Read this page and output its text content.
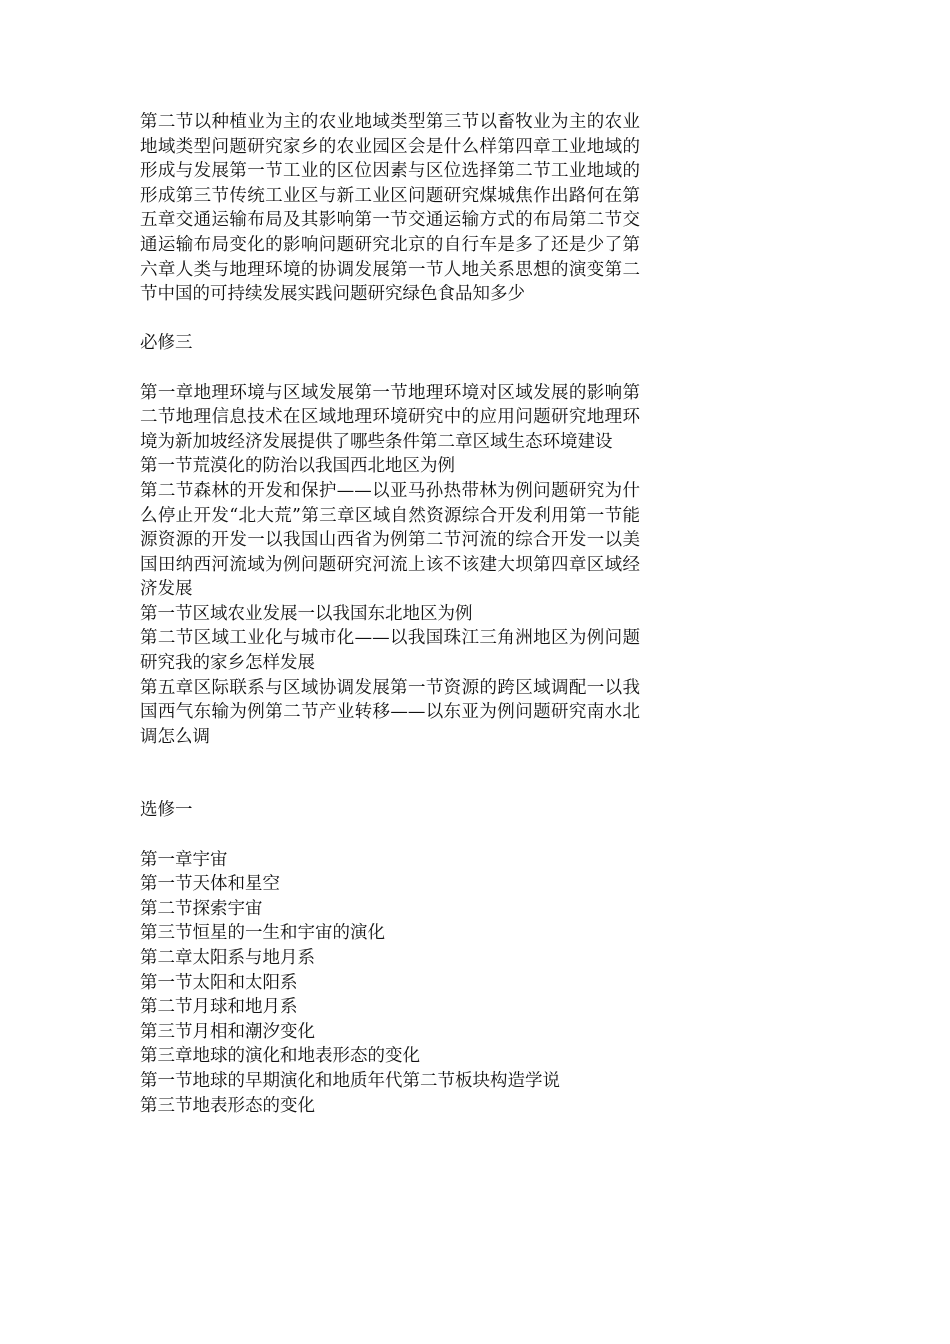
第二节以种植业为主的农业地域类型第三节以畜牧业为主的农业地域类型问题研究家乡的农业园区会是什么样第四章工业地域的形成与发展第一节工业的区位因素与区位选择第二节工业地域的形成第三节传统工业区与新工业区问题研究煤城焦作出路何在第五章交通运输布局及其影响第一节交通运输方式的布局第二节交通运输布局变化的影响问题研究北京的自行车是多了还是少了第六章人类与地理环境的协调发展第一节人地关系思想的演变第二节中国的可持续发展实践问题研究绿色食品知多少

必修三

第一章地理环境与区域发展第一节地理环境对区域发展的影响第二节地理信息技术在区域地理环境研究中的应用问题研究地理环境为新加坡经济发展提供了哪些条件第二章区域生态环境建设

第一节荒漠化的防治以我国西北地区为例

第二节森林的开发和保护——以亚马孙热带林为例问题研究为什么停止开发“北大荒”第三章区域自然资源综合开发利用第一节能源资源的开发一以我国山西省为例第二节河流的综合开发一以美国田纳西河流域为例问题研究河流上该不该建大坝第四章区域经济发展

第一节区域农业发展一以我国东北地区为例

第二节区域工业化与城市化——以我国珠江三角洲地区为例问题研究我的家乡怎样发展

第五章区际联系与区域协调发展第一节资源的跨区域调配一以我国西气东输为例第二节产业转移——以东亚为例问题研究南水北调怎么调

选修一

第一章宇宙

第一节天体和星空

第二节探索宇宙

第三节恒星的一生和宇宙的演化

第二章太阳系与地月系

第一节太阳和太阳系

第二节月球和地月系

第三节月相和潮汐变化

第三章地球的演化和地表形态的变化

第一节地球的早期演化和地质年代第二节板块构造学说

第三节地表形态的变化
